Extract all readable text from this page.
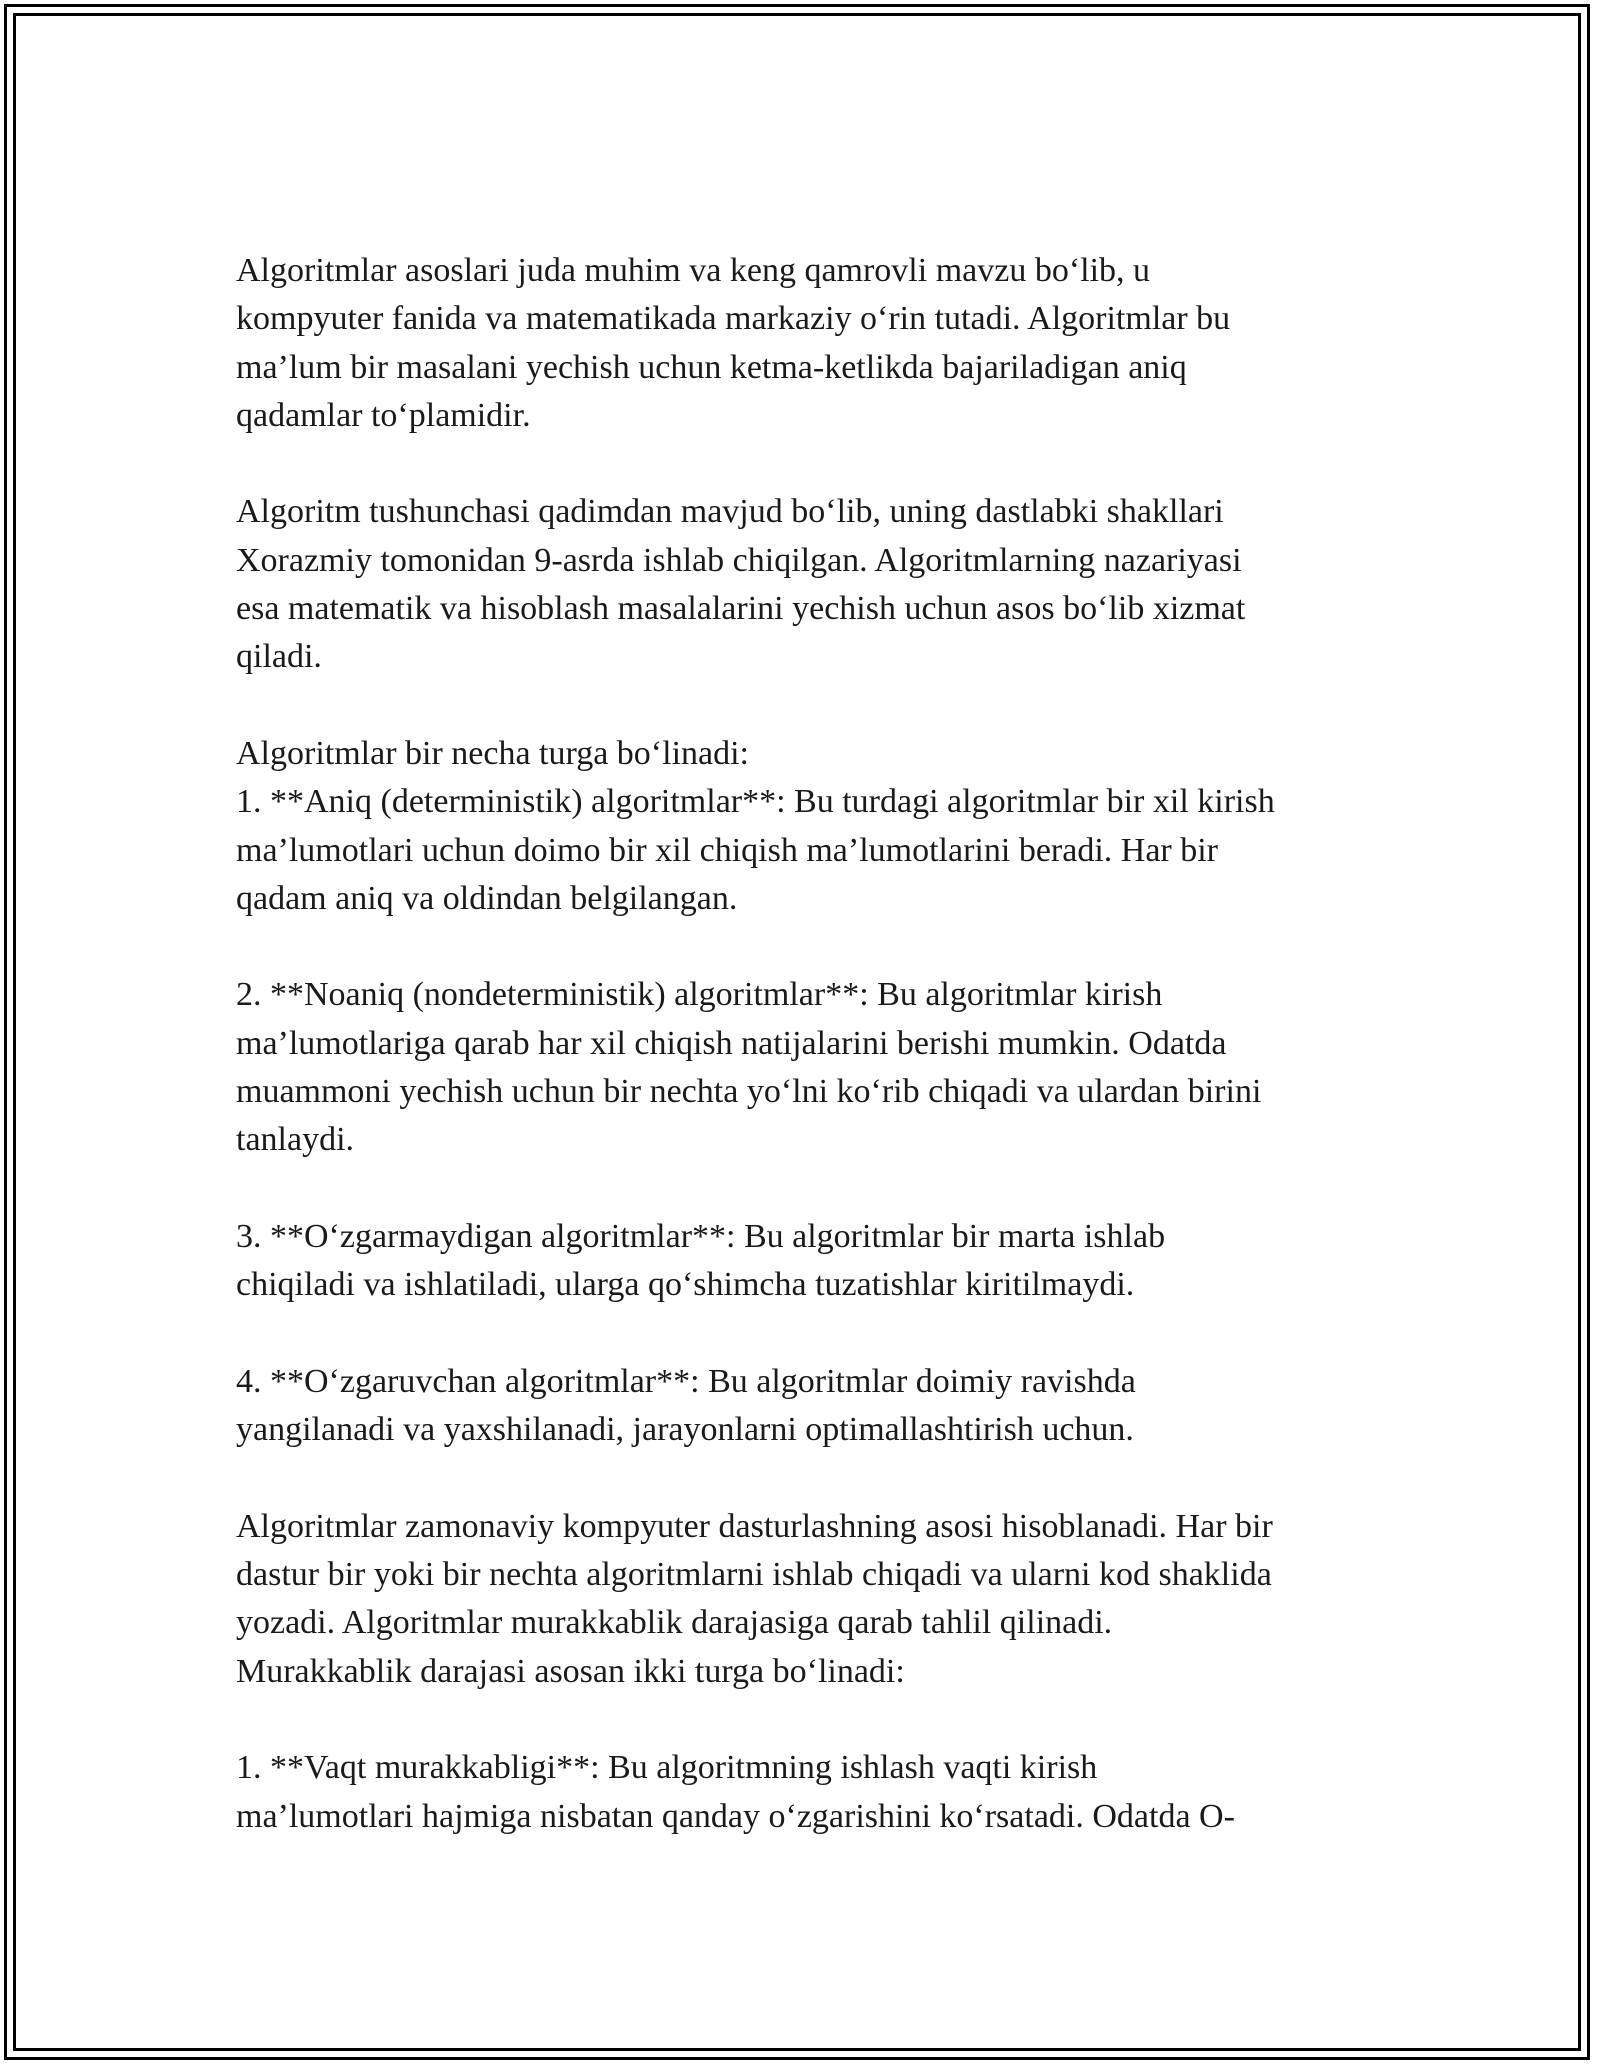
Algoritmlar asoslari juda muhim va keng qamrovli mavzu bo‘lib, u
kompyuter fanida va matematikada markaziy o‘rin tutadi. Algoritmlar bu
ma’lum bir masalani yechish uchun ketma-ketlikda bajariladigan aniq
qadamlar to‘plamidir.

Algoritm tushunchasi qadimdan mavjud bo‘lib, uning dastlabki shakllari
Xorazmiy tomonidan 9-asrda ishlab chiqilgan. Algoritmlarning nazariyasi
esa matematik va hisoblash masalalarini yechish uchun asos bo‘lib xizmat
qiladi.

Algoritmlar bir necha turga bo‘linadi:
1. **Aniq (deterministik) algoritmlar**: Bu turdagi algoritmlar bir xil kirish
ma’lumotlari uchun doimo bir xil chiqish ma’lumotlarini beradi. Har bir
qadam aniq va oldindan belgilangan.

2. **Noaniq (nondeterministik) algoritmlar**: Bu algoritmlar kirish
ma’lumotlariga qarab har xil chiqish natijalarini berishi mumkin. Odatda
muammoni yechish uchun bir nechta yo‘lni ko‘rib chiqadi va ulardan birini
tanlaydi.

3. **O‘zgarmaydigan algoritmlar**: Bu algoritmlar bir marta ishlab
chiqiladi va ishlatiladi, ularga qo‘shimcha tuzatishlar kiritilmaydi.

4. **O‘zgaruvchan algoritmlar**: Bu algoritmlar doimiy ravishda
yangilanadi va yaxshilanadi, jarayonlarni optimallashtirish uchun.

Algoritmlar zamonaviy kompyuter dasturlashning asosi hisoblanadi. Har bir
dastur bir yoki bir nechta algoritmlarni ishlab chiqadi va ularni kod shaklida
yozadi. Algoritmlar murakkablik darajasiga qarab tahlil qilinadi.
Murakkablik darajasi asosan ikki turga bo‘linadi:

1. **Vaqt murakkabligi**: Bu algoritmning ishlash vaqti kirish
ma’lumotlari hajmiga nisbatan qanday o‘zgarishini ko‘rsatadi. Odatda O-
